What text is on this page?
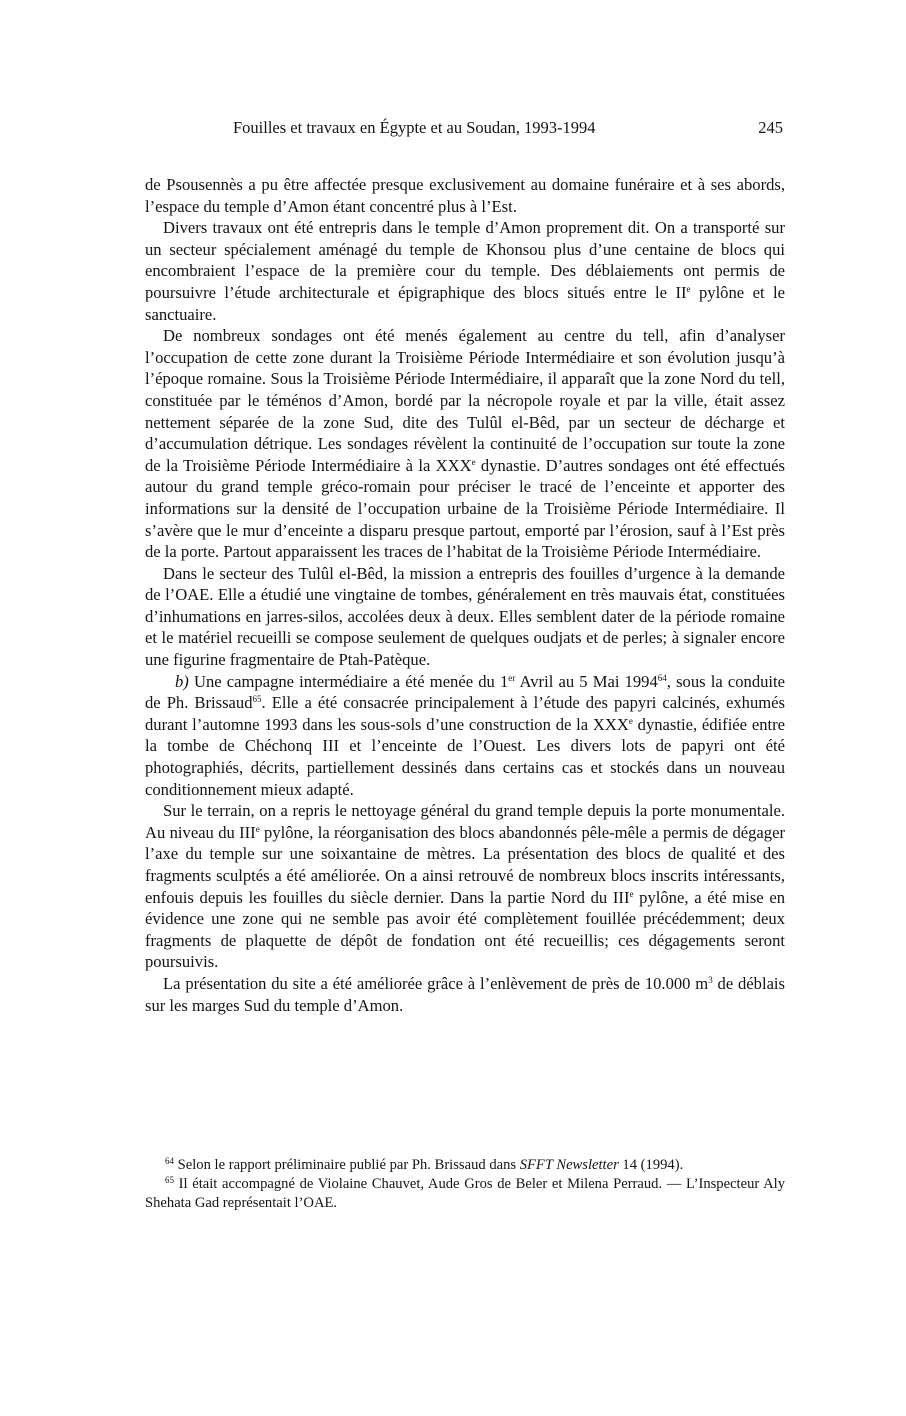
Fouilles et travaux en Égypte et au Soudan, 1993-1994	245

de Psousennès a pu être affectée presque exclusivement au domaine funéraire et à ses abords, l’espace du temple d’Amon étant concentré plus à l’Est.

Divers travaux ont été entrepris dans le temple d’Amon proprement dit. On a transporté sur un secteur spécialement aménagé du temple de Khonsou plus d’une centaine de blocs qui encombraient l’espace de la première cour du temple. Des déblaiements ont permis de poursuivre l’étude architecturale et épigraphique des blocs situés entre le IIe pylône et le sanctuaire.

De nombreux sondages ont été menés également au centre du tell, afin d’analyser l’occupation de cette zone durant la Troisième Période Intermédiaire et son évolution jusqu’à l’époque romaine. Sous la Troisième Période Intermédiaire, il apparaît que la zone Nord du tell, constituée par le téménos d’Amon, bordé par la nécropole royale et par la ville, était assez nettement séparée de la zone Sud, dite des Tulûl el-Bêd, par un secteur de décharge et d’accumulation détrique. Les sondages révèlent la continuité de l’occupation sur toute la zone de la Troisième Période Intermédiaire à la XXXe dynastie. D’autres sondages ont été effectués autour du grand temple gréco-romain pour préciser le tracé de l’enceinte et apporter des informations sur la densité de l’occupation urbaine de la Troisième Période Intermédiaire. Il s’avère que le mur d’enceinte a disparu presque partout, emporté par l’érosion, sauf à l’Est près de la porte. Partout apparaissent les traces de l’habitat de la Troisième Période Intermédiaire.

Dans le secteur des Tulûl el-Bêd, la mission a entrepris des fouilles d’urgence à la demande de l’OAE. Elle a étudié une vingtaine de tombes, généralement en très mauvais état, constituées d’inhumations en jarres-silos, accolées deux à deux. Elles semblent dater de la période romaine et le matériel recueilli se compose seulement de quelques oudjats et de perles; à signaler encore une figurine fragmentaire de Ptah-Patèque.

b) Une campagne intermédiaire a été menée du 1er Avril au 5 Mai 1994$^{64}$, sous la conduite de Ph. Brissaud$^{65}$. Elle a été consacrée principalement à l’étude des papyri calcinés, exhumés durant l’automne 1993 dans les sous-sols d’une construction de la XXXe dynastie, édifiée entre la tombe de Chéchonq III et l’enceinte de l’Ouest. Les divers lots de papyri ont été photographiés, décrits, partiellement dessinés dans certains cas et stockés dans un nouveau conditionnement mieux adapté.

Sur le terrain, on a repris le nettoyage général du grand temple depuis la porte monumentale. Au niveau du IIIe pylône, la réorganisation des blocs abandonnés pêle-mêle a permis de dégager l’axe du temple sur une soixantaine de mètres. La présentation des blocs de qualité et des fragments sculptés a été améliorée. On a ainsi retrouvé de nombreux blocs inscrits intéressants, enfouis depuis les fouilles du siècle dernier. Dans la partie Nord du IIIe pylône, a été mise en évidence une zone qui ne semble pas avoir été complètement fouillée précédemment; deux fragments de plaquette de dépôt de fondation ont été recueillis; ces dégagements seront poursuivis.

La présentation du site a été améliorée grâce à l’enlèvement de près de 10.000 $m^3$ de déblais sur les marges Sud du temple d’Amon.

$^{64}$ Selon le rapport préliminaire publié par Ph. Brissaud dans SFFT Newsletter 14 (1994).

$^{65}$ Il était accompagné de Violaine Chauvet, Aude Gros de Beler et Milena Perraud. — L’Inspecteur Aly Shehata Gad représentait l’OAE.
